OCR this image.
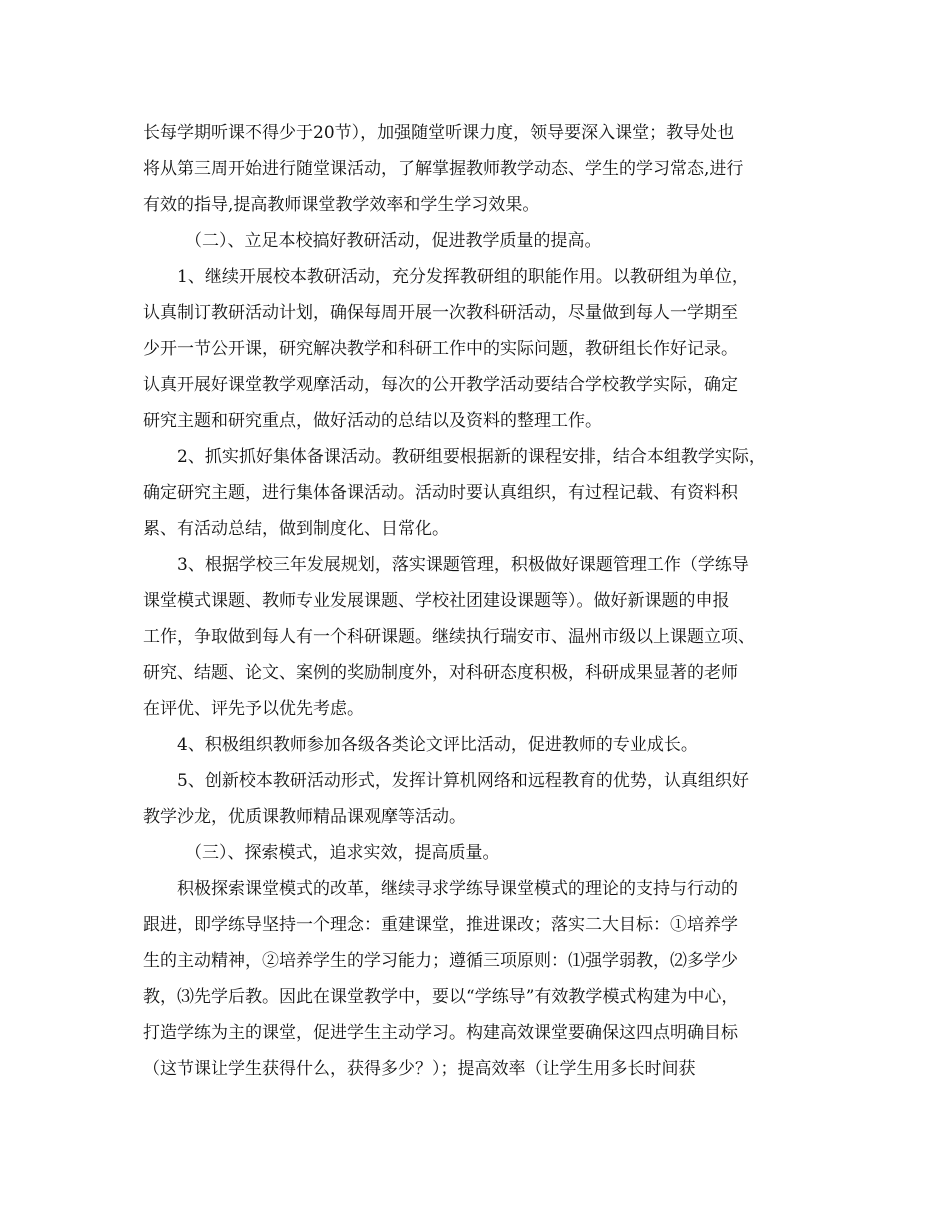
长每学期听课不得少于20节），加强随堂听课力度，领导要深入课堂；教导处也
将从第三周开始进行随堂课活动，了解掌握教师教学动态、学生的学习常态,进行
有效的指导,提高教师课堂教学效率和学生学习效果。
（二）、立足本校搞好教研活动，促进教学质量的提高。
1、继续开展校本教研活动，充分发挥教研组的职能作用。以教研组为单位，
认真制订教研活动计划，确保每周开展一次教科研活动，尽量做到每人一学期至
少开一节公开课，研究解决教学和科研工作中的实际问题，教研组长作好记录。
认真开展好课堂教学观摩活动，每次的公开教学活动要结合学校教学实际，确定
研究主题和研究重点，做好活动的总结以及资料的整理工作。
2、抓实抓好集体备课活动。教研组要根据新的课程安排，结合本组教学实际，
确定研究主题，进行集体备课活动。活动时要认真组织，有过程记载、有资料积
累、有活动总结，做到制度化、日常化。
3、根据学校三年发展规划，落实课题管理，积极做好课题管理工作（学练导
课堂模式课题、教师专业发展课题、学校社团建设课题等）。做好新课题的申报
工作，争取做到每人有一个科研课题。继续执行瑞安市、温州市级以上课题立项、
研究、结题、论文、案例的奖励制度外，对科研态度积极，科研成果显著的老师
在评优、评先予以优先考虑。
4、积极组织教师参加各级各类论文评比活动，促进教师的专业成长。
5、创新校本教研活动形式，发挥计算机网络和远程教育的优势，认真组织好
教学沙龙，优质课教师精品课观摩等活动。
（三）、探索模式，追求实效，提高质量。
积极探索课堂模式的改革，继续寻求学练导课堂模式的理论的支持与行动的
跟进，即学练导坚持一个理念：重建课堂，推进课改；落实二大目标：①培养学
生的主动精神，②培养学生的学习能力；遵循三项原则：⑴强学弱教，⑵多学少
教，⑶先学后教。因此在课堂教学中，要以“学练导”有效教学模式构建为中心，
打造学练为主的课堂，促进学生主动学习。构建高效课堂要确保这四点明确目标
（这节课让学生获得什么，获得多少？）；提高效率（让学生用多长时间获
